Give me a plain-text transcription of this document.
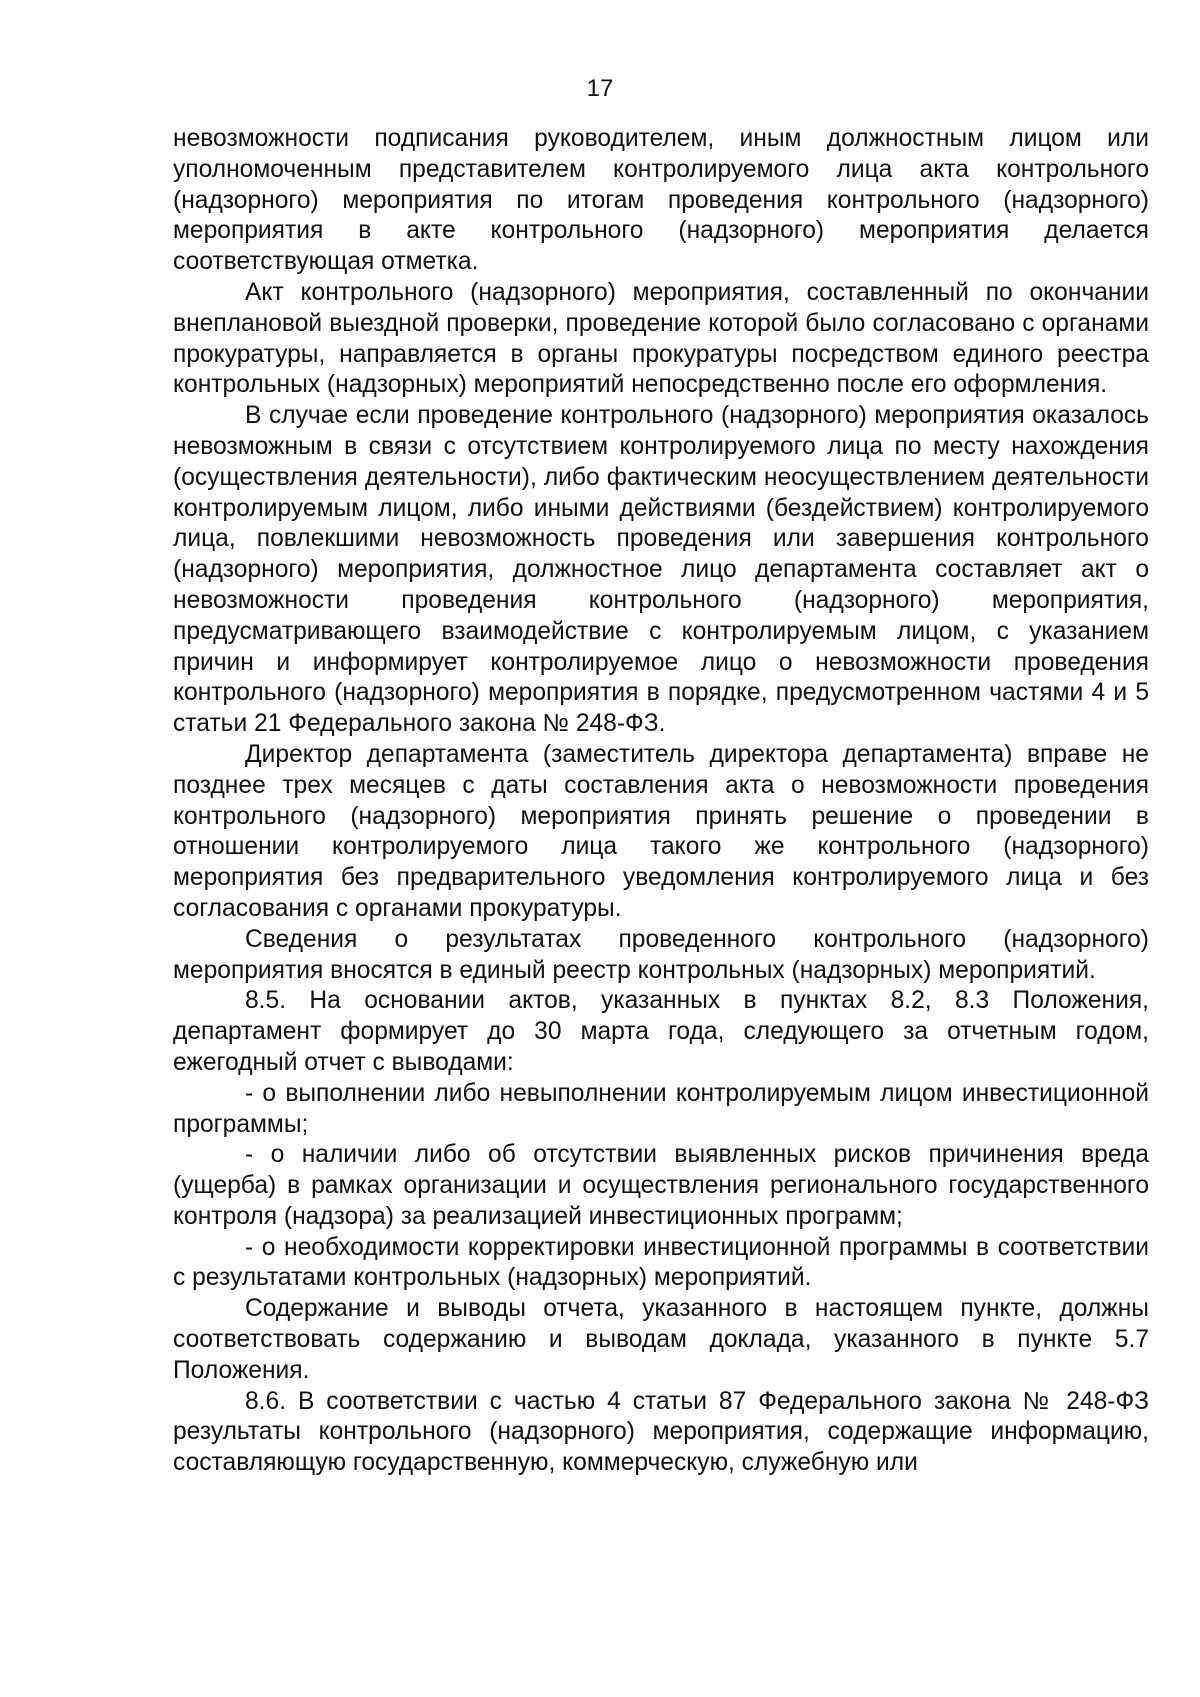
17

невозможности подписания руководителем, иным должностным лицом или уполномоченным представителем контролируемого лица акта контрольного (надзорного) мероприятия по итогам проведения контрольного (надзорного) мероприятия в акте контрольного (надзорного) мероприятия делается соответствующая отметка.

Акт контрольного (надзорного) мероприятия, составленный по окончании внеплановой выездной проверки, проведение которой было согласовано с органами прокуратуры, направляется в органы прокуратуры посредством единого реестра контрольных (надзорных) мероприятий непосредственно после его оформления.

В случае если проведение контрольного (надзорного) мероприятия оказалось невозможным в связи с отсутствием контролируемого лица по месту нахождения (осуществления деятельности), либо фактическим неосуществлением деятельности контролируемым лицом, либо иными действиями (бездействием) контролируемого лица, повлекшими невозможность проведения или завершения контрольного (надзорного) мероприятия, должностное лицо департамента составляет акт о невозможности проведения контрольного (надзорного) мероприятия, предусматривающего взаимодействие с контролируемым лицом, с указанием причин и информирует контролируемое лицо о невозможности проведения контрольного (надзорного) мероприятия в порядке, предусмотренном частями 4 и 5 статьи 21 Федерального закона № 248-ФЗ.

Директор департамента (заместитель директора департамента) вправе не позднее трех месяцев с даты составления акта о невозможности проведения контрольного (надзорного) мероприятия принять решение о проведении в отношении контролируемого лица такого же контрольного (надзорного) мероприятия без предварительного уведомления контролируемого лица и без согласования с органами прокуратуры.

Сведения о результатах проведенного контрольного (надзорного) мероприятия вносятся в единый реестр контрольных (надзорных) мероприятий.

8.5. На основании актов, указанных в пунктах 8.2, 8.3 Положения, департамент формирует до 30 марта года, следующего за отчетным годом, ежегодный отчет с выводами:

- о выполнении либо невыполнении контролируемым лицом инвестиционной программы;

- о наличии либо об отсутствии выявленных рисков причинения вреда (ущерба) в рамках организации и осуществления регионального государственного контроля (надзора) за реализацией инвестиционных программ;

- о необходимости корректировки инвестиционной программы в соответствии с результатами контрольных (надзорных) мероприятий.

Содержание и выводы отчета, указанного в настоящем пункте, должны соответствовать содержанию и выводам доклада, указанного в пункте 5.7 Положения.

8.6. В соответствии с частью 4 статьи 87 Федерального закона № 248-ФЗ результаты контрольного (надзорного) мероприятия, содержащие информацию, составляющую государственную, коммерческую, служебную или
